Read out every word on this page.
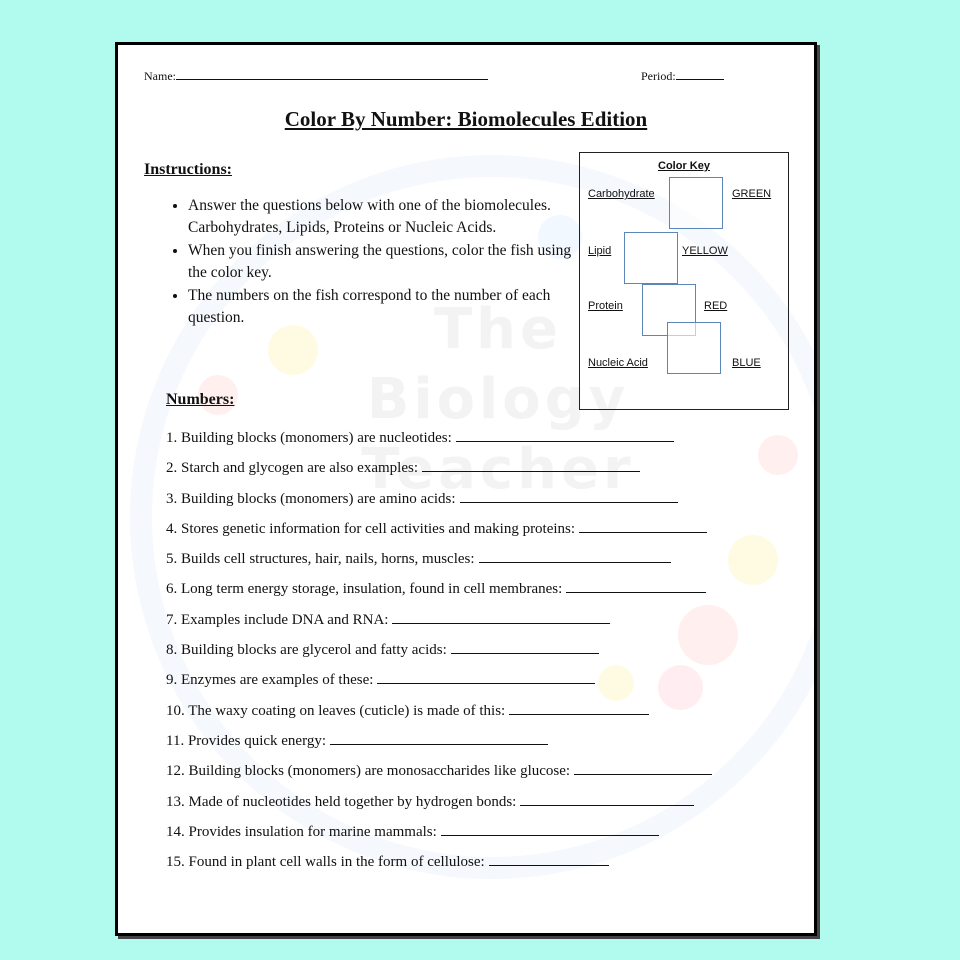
The Biology Teacher
Name:	Period:
Color By Number: Biomolecules Edition
Instructions:
• Answer the questions below with one of the biomolecules. Carbohydrates, Lipids, Proteins or Nucleic Acids.
• When you finish answering the questions, color the fish using the color key.
• The numbers on the fish correspond to the number of each question.
Color Key
Carbohydrate	GREEN
Lipid	YELLOW
Protein	RED
Nucleic Acid	BLUE
Numbers:
1. Building blocks (monomers) are nucleotides:
2. Starch and glycogen are also examples:
3. Building blocks (monomers) are amino acids:
4. Stores genetic information for cell activities and making proteins:
5. Builds cell structures, hair, nails, horns, muscles:
6. Long term energy storage, insulation, found in cell membranes:
7. Examples include DNA and RNA:
8. Building blocks are glycerol and fatty acids:
9. Enzymes are examples of these:
10. The waxy coating on leaves (cuticle) is made of this:
11. Provides quick energy:
12. Building blocks (monomers) are monosaccharides like glucose:
13. Made of nucleotides held together by hydrogen bonds:
14. Provides insulation for marine mammals:
15. Found in plant cell walls in the form of cellulose:
